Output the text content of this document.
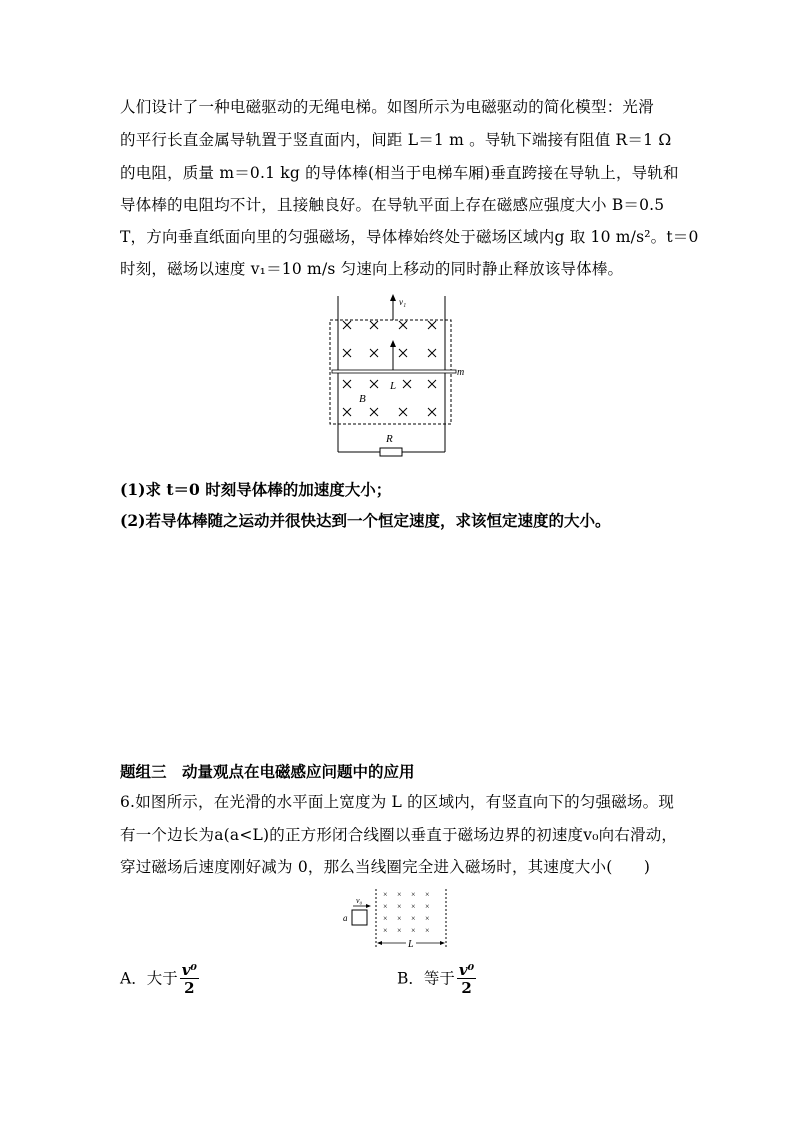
人们设计了一种电磁驱动的无绳电梯。如图所示为电磁驱动的简化模型：光滑
的平行长直金属导轨置于竖直面内，间距 L＝1 m 。导轨下端接有阻值 R＝1 Ω
的电阻，质量 m＝0.1 kg 的导体棒(相当于电梯车厢)垂直跨接在导轨上，导轨和
导体棒的电阻均不计，且接触良好。在导轨平面上存在磁感应强度大小 B＝0.5
T，方向垂直纸面向里的匀强磁场，导体棒始终处于磁场区域内g 取 10 m/s²。t＝0
时刻，磁场以速度 v₁＝10 m/s 匀速向上移动的同时静止释放该导体棒。
R
v₁
m
L
B
(1)求 t＝0 时刻导体棒的加速度大小；
(2)若导体棒随之运动并很快达到一个恒定速度，求该恒定速度的大小。
题组三　动量观点在电磁感应问题中的应用
6.如图所示，在光滑的水平面上宽度为 L 的区域内，有竖直向下的匀强磁场。现
有一个边长为a(a<L)的正方形闭合线圈以垂直于磁场边界的初速度v₀向右滑动，
穿过磁场后速度刚好减为 0，那么当线圈完全进入磁场时，其速度大小(　　)
v₀
a
× × × ×
× × × ×
× × × ×
× × × ×
L
A．大于 $\frac{\text{v⁰}}{2}$	B．等于 $\frac{\text{v⁰}}{2}$
